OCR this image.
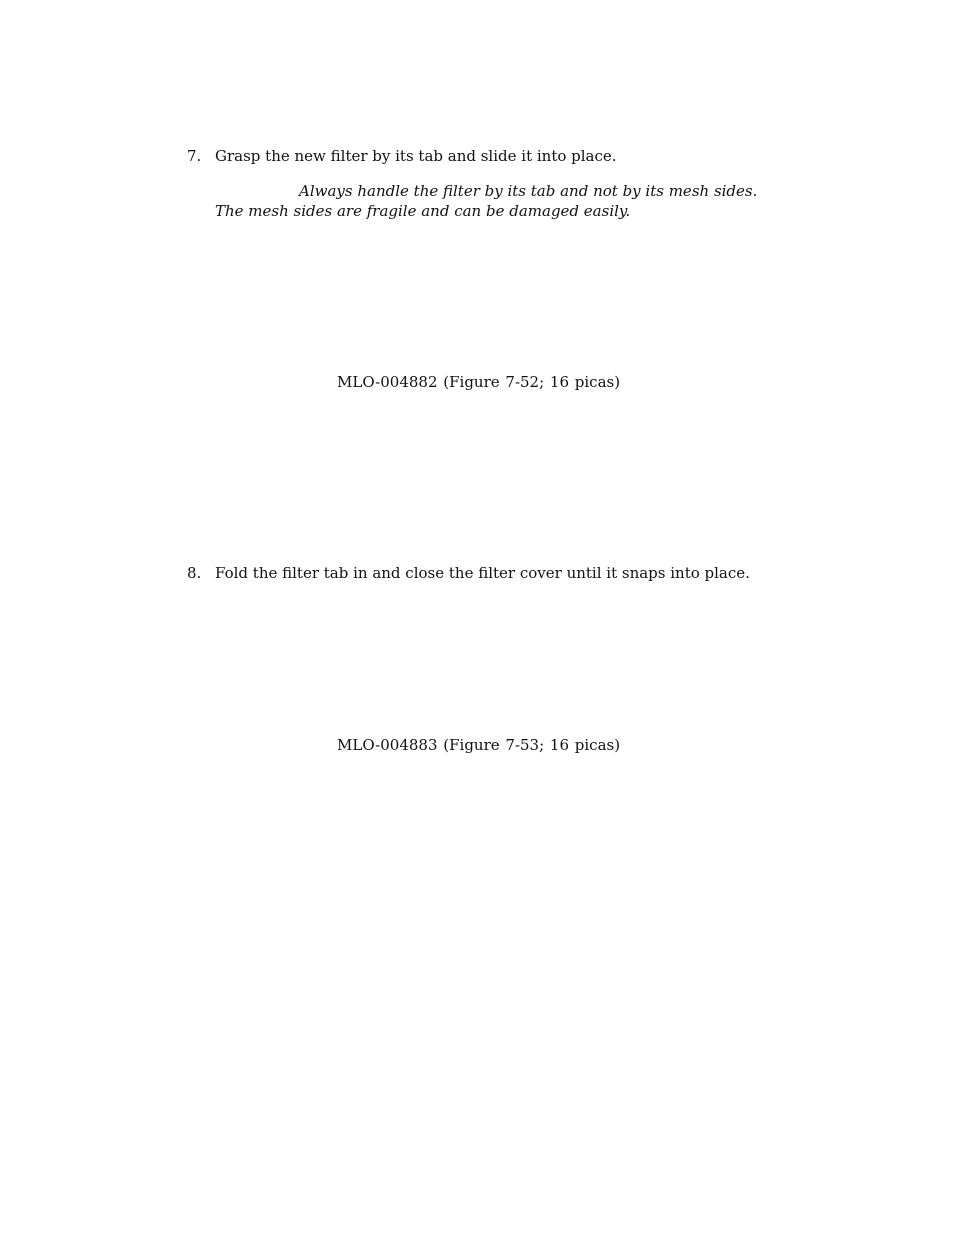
7. Grasp the new filter by its tab and slide it into place.
Always handle the filter by its tab and not by its mesh sides.
The mesh sides are fragile and can be damaged easily.
MLO-004882 (Figure 7-52; 16 picas)
8. Fold the filter tab in and close the filter cover until it snaps into place.
MLO-004883 (Figure 7-53; 16 picas)
